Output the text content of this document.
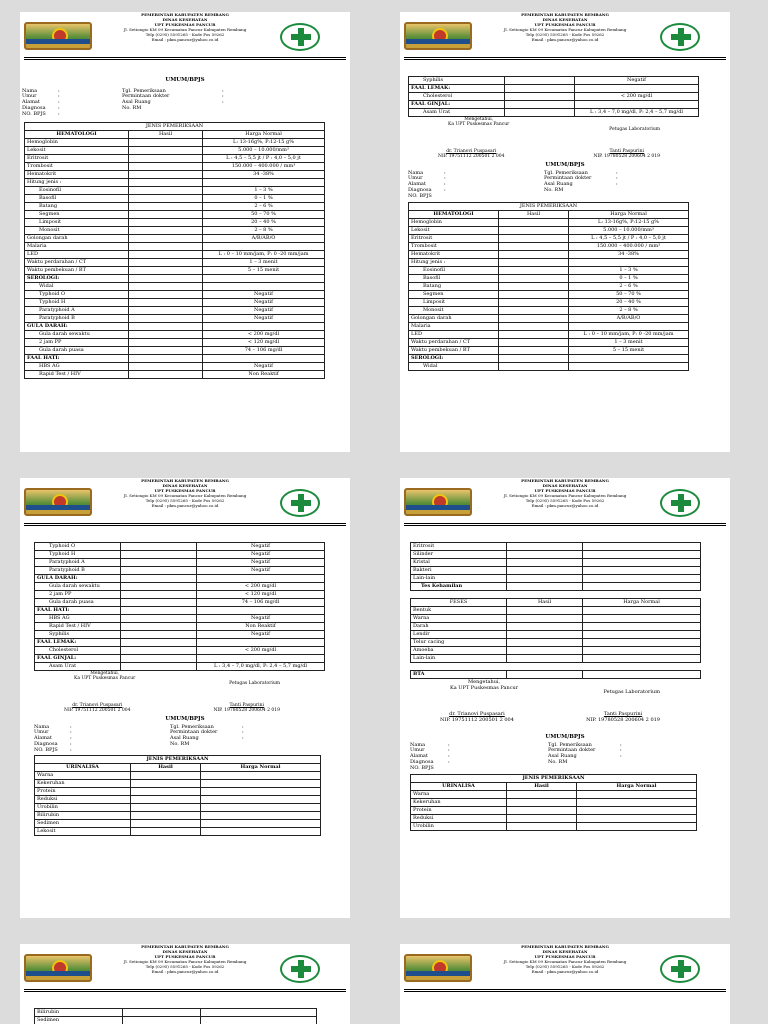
PEMERINTAH KABUPATEN REMBANG
DINAS KESEHATAN
UPT PUSKESMAS PANCUR
Jl. Setiongio KM 09 Kecamatan Pancur Kabupaten Rembang
Telp (0295) 5591265 - Kode Pos 59262
Email : pkm.pancur@yahoo.co.id
UMUM/BPJS
Nama	:	Tgl. Pemeriksaan	:
Umur	:	Permintaan dokter	:
Alamat	:	Asal Ruang	:
Diagnosa	:	No. RM
NO. BPJS	:
JENIS PEMERIKSAAN		
HEMATOLOGI	Hasil	Harga Normal
Hemoglobin		L: 13-16g%, P:12-15 g%
Lekosit		5.000 – 10.000/mm³
Eritrosit		L : 4,5 – 5,5 jt / P : 4,0 – 5,0 jt
Trombosit		150.000 – 400.000 / mm³
Hematokrit		34 -38%
Hitung jenis :		
Eosinofil		1 – 3 %
Basofil		0 – 1 %
Batang		2 – 6 %
Segmen		50 – 70 %
Limposit		20 – 40 %
Monosit		2 – 8 %
Golongan darah		A/B/AB/O
Malaria		
LED		L : 0 – 10 mm/jam, P: 0 -20 mm/jam
Waktu perdarahan / CT		1 – 3 menit
Waktu pembekuan / BT		5 – 15 menit
SEROLOGI:		
Widal		
Typhoid O		Negatif
Typhoid H		Negatif
Paratyphoid A		Negatif
Paratyphoid B		Negatif
GULA DARAH:		
Gula darah sewaktu		< 200 mg/dl
2 jam PP		< 120 mg/dl
Gula darah puasa		74 – 106 mg/dl
FAAL HATI:		
HBS AG		Negatif
Rapid Test / HIV		Non Reaktif
PEMERINTAH KABUPATEN REMBANG
DINAS KESEHATAN
UPT PUSKESMAS PANCUR
Jl. Setiongio KM 09 Kecamatan Pancur Kabupaten Rembang
Telp (0295) 5591265 - Kode Pos 59262
Email : pkm.pancur@yahoo.co.id
Syphilis		Negatif
FAAL LEMAK:		
Cholesterol		< 200 mg/dl
FAAL GINJAL:		
Asam Urat		L : 3,4 – 7,0 mg/dl, P: 2,4 – 5,7 mg/dl
Mengetahui,
Ka UPT Puskesmas Pancur
Petugas Laboratorium
dr. Trianovi Puspasari
NIP. 19751112 200501 2 004
Tanti Paspurini
NIP. 19780528 200604 2 019
UMUM/BPJS
Nama	:	Tgl. Pemeriksaan	:
Umur	:	Permintaan dokter	:
Alamat	:	Asal Ruang	:
Diagnosa	:	No. RM
NO. BPJS
JENIS PEMERIKSAAN		
HEMATOLOGI	Hasil	Harga Normal
Hemoglobin		L: 13-16g%, P:12-15 g%
Lekosit		5.000 – 10.000/mm³
Eritrosit		L : 4,5 – 5,5 jt / P : 4,0 – 5,0 jt
Trombosit		150.000 – 400.000 / mm³
Hematokrit		34 -38%
Hitung jenis :		
Eosinofil		1 – 3 %
Basofil		0 – 1 %
Batang		2 – 6 %
Segmen		50 – 70 %
Limposit		20 – 40 %
Monosit		2 – 8 %
Golongan darah		A/B/AB/O
Malaria		
LED		L : 0 – 10 mm/jam, P: 0 -20 mm/jam
Waktu perdarahan / CT		1 – 3 menit
Waktu pembekuan / BT		5 – 15 menit
SEROLOGI:		
Widal		
PEMERINTAH KABUPATEN REMBANG
DINAS KESEHATAN
UPT PUSKESMAS PANCUR
Jl. Setiongio KM 09 Kecamatan Pancur Kabupaten Rembang
Telp (0295) 5591265 - Kode Pos 59262
Email : pkm.pancur@yahoo.co.id
Typhoid O		Negatif
Typhoid H		Negatif
Paratyphoid A		Negatif
Paratyphoid B		Negatif
GULA DARAH:		
Gula darah sewaktu		< 200 mg/dl
2 jam PP		< 120 mg/dl
Gula darah puasa		74 – 106 mg/dl
FAAL HATI:		
HBS AG		Negatif
Rapid Test / HIV		Non Reaktif
Syphilis		Negatif
FAAL LEMAK:		
Cholesterol		< 200 mg/dl
FAAL GINJAL:		
Asam Urat		L : 3,4 – 7,0 mg/dl, P: 2,4 – 5,7 mg/dl
Mengetahui,
Ka UPT Puskesmas Pancur
Petugas Laboratorium
dr. Trianovi Puspasari
NIP. 19751112 200501 2 004
Tanti Paspurini
NIP. 19780528 200604 2 019
UMUM/BPJS
Nama	:	Tgl. Pemeriksaan	:
Umur	:	Permintaan dokter	:
Alamat	:	Asal Ruang	:
Diagnosa	:	No. RM
NO. BPJS	:
JENIS PEMERIKSAAN		
URINALISA	Hasil	Harga Normal
Warna		
Kekeruhan		
Protein		
Reduksi		
Urobilin		
Bilirubin		
Sedimen		
Lekosit		
PEMERINTAH KABUPATEN REMBANG
DINAS KESEHATAN
UPT PUSKESMAS PANCUR
Jl. Setiongio KM 09 Kecamatan Pancur Kabupaten Rembang
Telp (0295) 5591265 - Kode Pos 59262
Email : pkm.pancur@yahoo.co.id
Eritrosit		
Silinder		
Kristal		
Bakteri		
Lain-lain		
Tes Kehamilan		

FESES	Hasil	Harga Normal
Bentuk		
Warna		
Darah		
Lendir		
Telur cacing		
Amoeba		
Lain-lain		

BTA		
Mengetahui,
Ka UPT Puskesmas Pancur
Petugas Laboratorium
dr. Trianovi Puspasari
NIP. 19751112 200501 2 004
Tanti Paspurini
NIP. 19780528 200604 2 019
UMUM/BPJS
Nama	:	Tgl. Pemeriksaan	:
Umur	:	Permintaan dokter	:
Alamat	:	Asal Ruang	:
Diagnosa	:	No. RM
NO. BPJS
JENIS PEMERIKSAAN		
URINALISA	Hasil	Harga Normal
Warna		
Kekeruhan		
Protein		
Reduksi		
Urobilin		
PEMERINTAH KABUPATEN REMBANG
DINAS KESEHATAN
UPT PUSKESMAS PANCUR
Jl. Setiongio KM 09 Kecamatan Pancur Kabupaten Rembang
Telp (0295) 5591265 - Kode Pos 59262
Email : pkm.pancur@yahoo.co.id
Bilirubin		
Sedimen		
PEMERINTAH KABUPATEN REMBANG
DINAS KESEHATAN
UPT PUSKESMAS PANCUR
Jl. Setiongio KM 09 Kecamatan Pancur Kabupaten Rembang
Telp (0295) 5591265 - Kode Pos 59262
Email : pkm.pancur@yahoo.co.id
